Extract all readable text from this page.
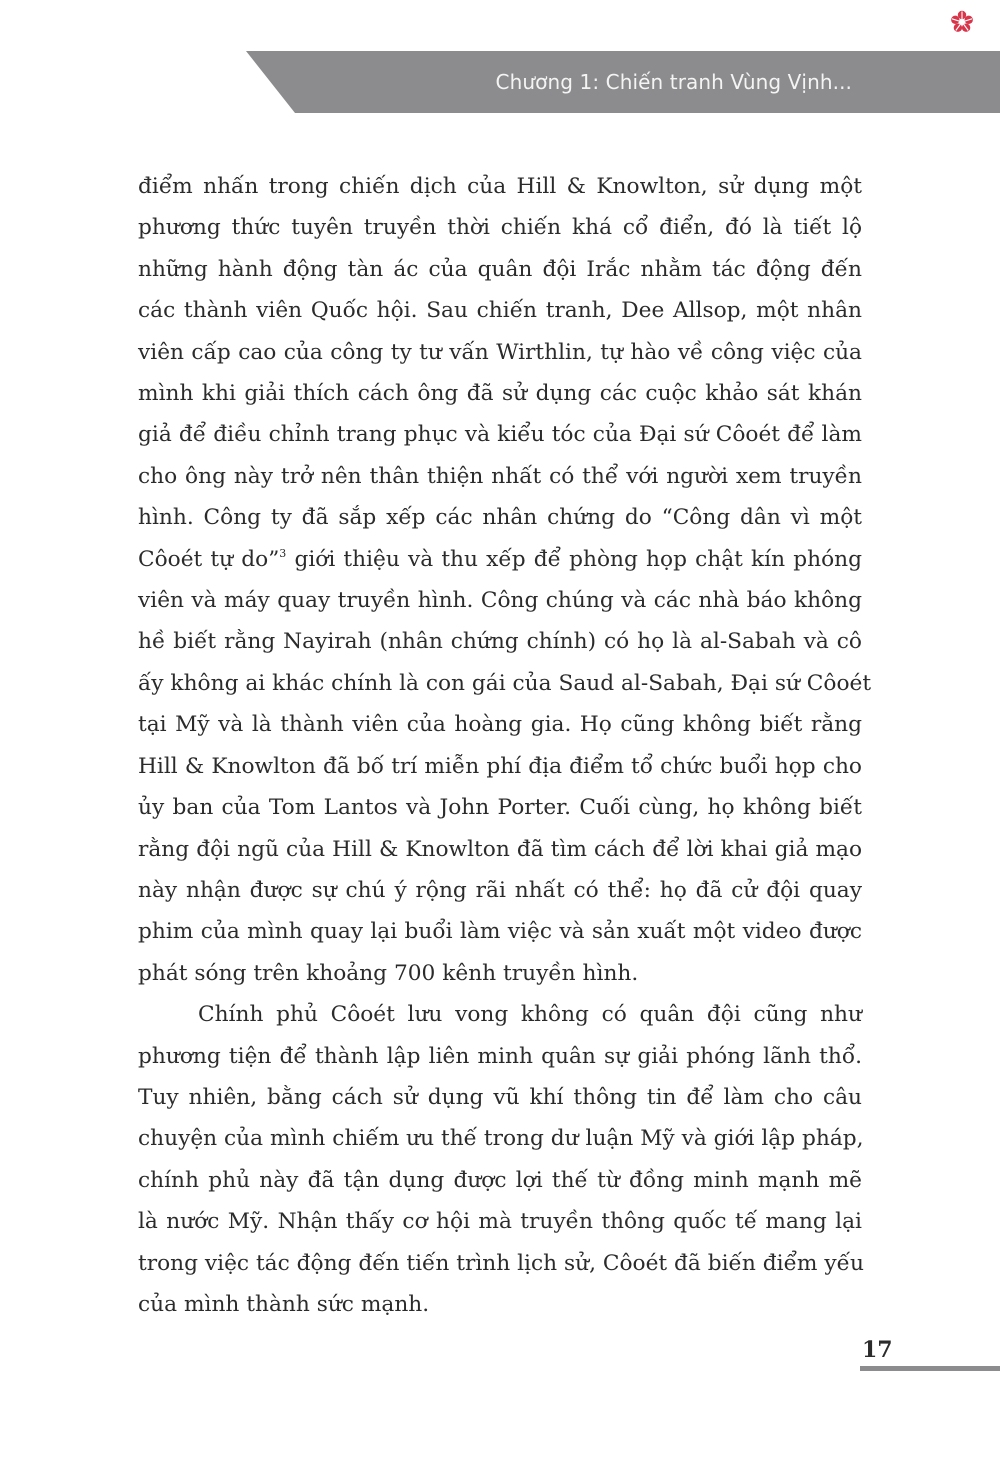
Chương 1: Chiến tranh Vùng Vịnh...
điểm nhấn trong chiến dịch của Hill & Knowlton, sử dụng một
phương thức tuyên truyền thời chiến khá cổ điển, đó là tiết lộ
những hành động tàn ác của quân đội Irắc nhằm tác động đến
các thành viên Quốc hội. Sau chiến tranh, Dee Allsop, một nhân
viên cấp cao của công ty tư vấn Wirthlin, tự hào về công việc của
mình khi giải thích cách ông đã sử dụng các cuộc khảo sát khán
giả để điều chỉnh trang phục và kiểu tóc của Đại sứ Côoét để làm
cho ông này trở nên thân thiện nhất có thể với người xem truyền
hình. Công ty đã sắp xếp các nhân chứng do “Công dân vì một
Côoét tự do”$^3$ giới thiệu và thu xếp để phòng họp chật kín phóng
viên và máy quay truyền hình. Công chúng và các nhà báo không
hề biết rằng Nayirah (nhân chứng chính) có họ là al-Sabah và cô
ấy không ai khác chính là con gái của Saud al-Sabah, Đại sứ Côoét
tại Mỹ và là thành viên của hoàng gia. Họ cũng không biết rằng
Hill & Knowlton đã bố trí miễn phí địa điểm tổ chức buổi họp cho
ủy ban của Tom Lantos và John Porter. Cuối cùng, họ không biết
rằng đội ngũ của Hill & Knowlton đã tìm cách để lời khai giả mạo
này nhận được sự chú ý rộng rãi nhất có thể: họ đã cử đội quay
phim của mình quay lại buổi làm việc và sản xuất một video được
phát sóng trên khoảng 700 kênh truyền hình.
Chính phủ Côoét lưu vong không có quân đội cũng như
phương tiện để thành lập liên minh quân sự giải phóng lãnh thổ.
Tuy nhiên, bằng cách sử dụng vũ khí thông tin để làm cho câu
chuyện của mình chiếm ưu thế trong dư luận Mỹ và giới lập pháp,
chính phủ này đã tận dụng được lợi thế từ đồng minh mạnh mẽ
là nước Mỹ. Nhận thấy cơ hội mà truyền thông quốc tế mang lại
trong việc tác động đến tiến trình lịch sử, Côoét đã biến điểm yếu
của mình thành sức mạnh.
17
